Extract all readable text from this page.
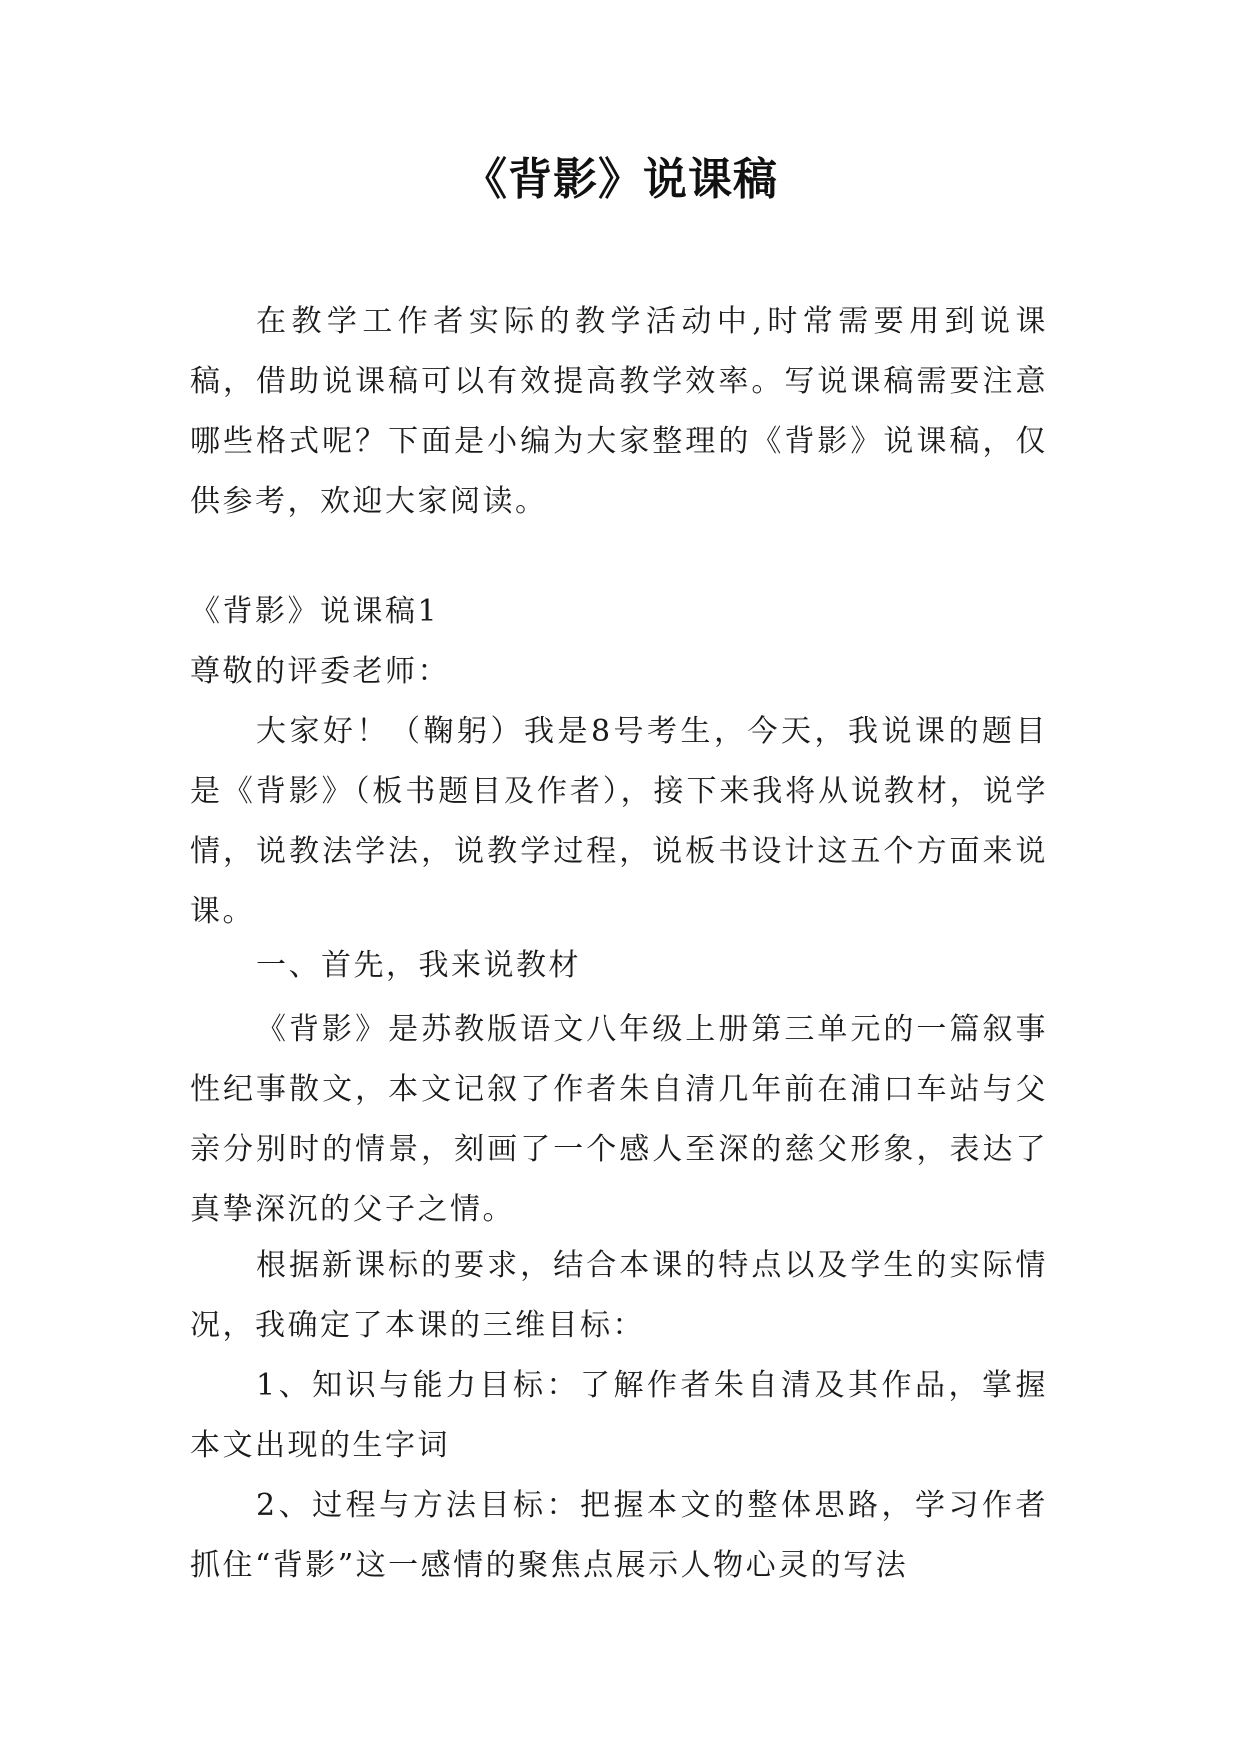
《背影》说课稿

在教学工作者实际的教学活动中,时常需要用到说课稿，借助说课稿可以有效提高教学效率。写说课稿需要注意哪些格式呢？下面是小编为大家整理的《背影》说课稿，仅供参考，欢迎大家阅读。

《背影》说课稿1

尊敬的评委老师：

大家好！（鞠躬）我是8号考生，今天，我说课的题目是《背影》（板书题目及作者），接下来我将从说教材，说学情，说教法学法，说教学过程，说板书设计这五个方面来说课。

一、首先，我来说教材

《背影》是苏教版语文八年级上册第三单元的一篇叙事性纪事散文，本文记叙了作者朱自清几年前在浦口车站与父亲分别时的情景，刻画了一个感人至深的慈父形象，表达了真挚深沉的父子之情。

根据新课标的要求，结合本课的特点以及学生的实际情况，我确定了本课的三维目标：

1、知识与能力目标：了解作者朱自清及其作品，掌握本文出现的生字词

2、过程与方法目标：把握本文的整体思路，学习作者抓住“背影”这一感情的聚焦点展示人物心灵的写法
